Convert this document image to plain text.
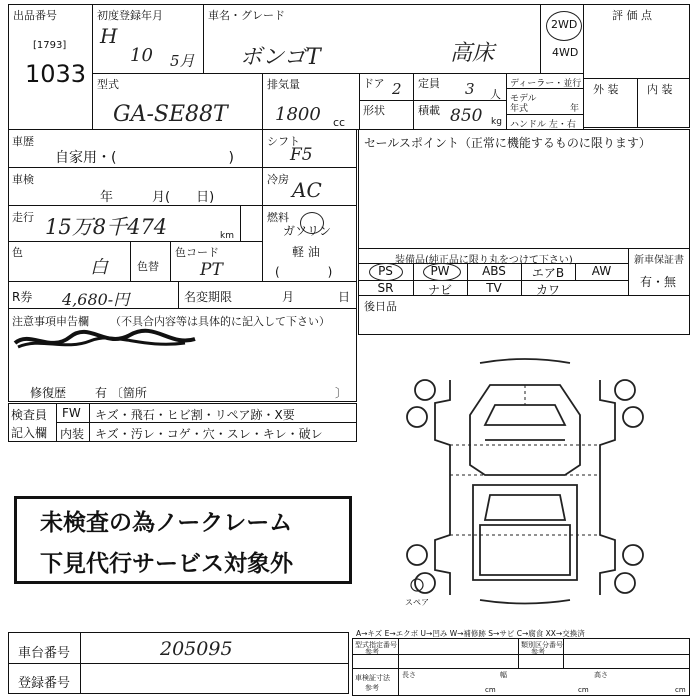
出品番号
[1793]
1033
初度登録年月
H
10 5月
車名・グレード
ボンゴT	高床
2WD
4WD
評 価 点
外 装	内 装
型式
GA-SE88T
排気量
1800 cc
ドア 2 定員 3 人
形状	積載 850 kg
ディーラー・並行
モデル
年式	年
ハンドル 左・右
車歴
自家用・(　　　　　　　　)
シフト
F5
車検
年　　　月(　　日)
冷房 AC
走行 15万8千474	km
燃料
ガソリン
軽 油
(　　　　)
色
白	色替
色コード
PT
R券 4,680-円	名変期限	月	日
注意事項申告欄 （不具合内容等は具体的に記入して下さい）
修復歴 有 〔箇所	〕
検査員
記入欄
FW キズ・飛石・ヒビ割・リペア跡・X要
内装 キズ・汚レ・コゲ・穴・スレ・キレ・破レ
未検査の為ノークレーム
下見代行サービス対象外
セールスポイント（正常に機能するものに限ります）
装備品(純正品に限り丸をつけて下さい)	新車保証書
有・無
PS	PW	ABS	エアB	AW
SR	ナビ	TV	カワ
後日品
スペア
車台番号	205095
登録番号
A→キズ E→エクボ U→凹み W→補修跡 S→サビ C→腐食 XX→交換済
型式指定番号
参考
類別区分番号
参考
車検証寸法
参考
長さ
cm
幅
cm
高さ
cm
